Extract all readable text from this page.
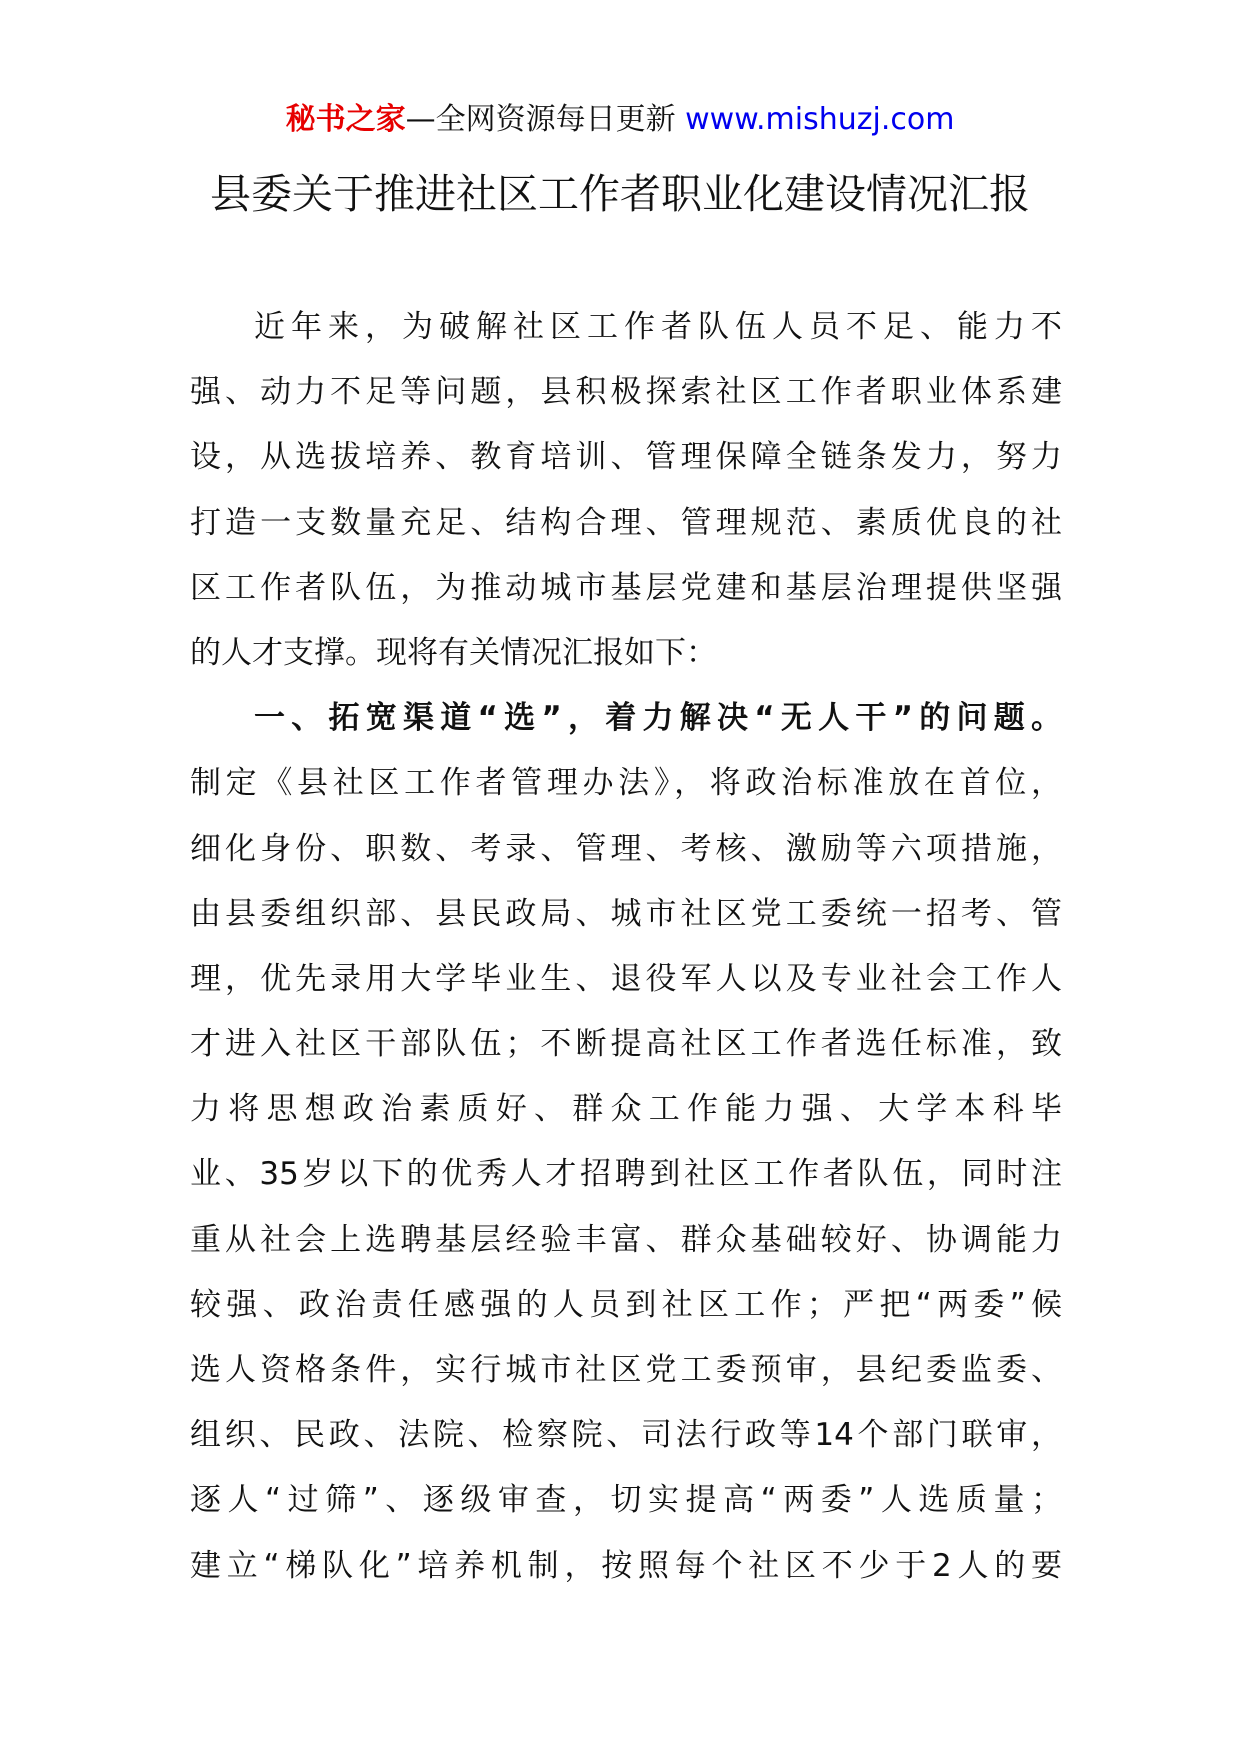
秘书之家—全网资源每日更新 www.mishuzj.com
县委关于推进社区工作者职业化建设情况汇报
近年来，为破解社区工作者队伍人员不足、能力不
强、动力不足等问题，县积极探索社区工作者职业体系建
设，从选拔培养、教育培训、管理保障全链条发力，努力
打造一支数量充足、结构合理、管理规范、素质优良的社
区工作者队伍，为推动城市基层党建和基层治理提供坚强
的人才支撑。现将有关情况汇报如下：
一、拓宽渠道“选”，着力解决“无人干”的问题。
制定《县社区工作者管理办法》，将政治标准放在首位，
细化身份、职数、考录、管理、考核、激励等六项措施，
由县委组织部、县民政局、城市社区党工委统一招考、管
理，优先录用大学毕业生、退役军人以及专业社会工作人
才进入社区干部队伍；不断提高社区工作者选任标准，致
力将思想政治素质好、群众工作能力强、大学本科毕
业、35岁以下的优秀人才招聘到社区工作者队伍，同时注
重从社会上选聘基层经验丰富、群众基础较好、协调能力
较强、政治责任感强的人员到社区工作；严把“两委”候
选人资格条件，实行城市社区党工委预审，县纪委监委、
组织、民政、法院、检察院、司法行政等14个部门联审，
逐人“过筛”、逐级审查，切实提高“两委”人选质量；
建立“梯队化”培养机制，按照每个社区不少于2人的要
